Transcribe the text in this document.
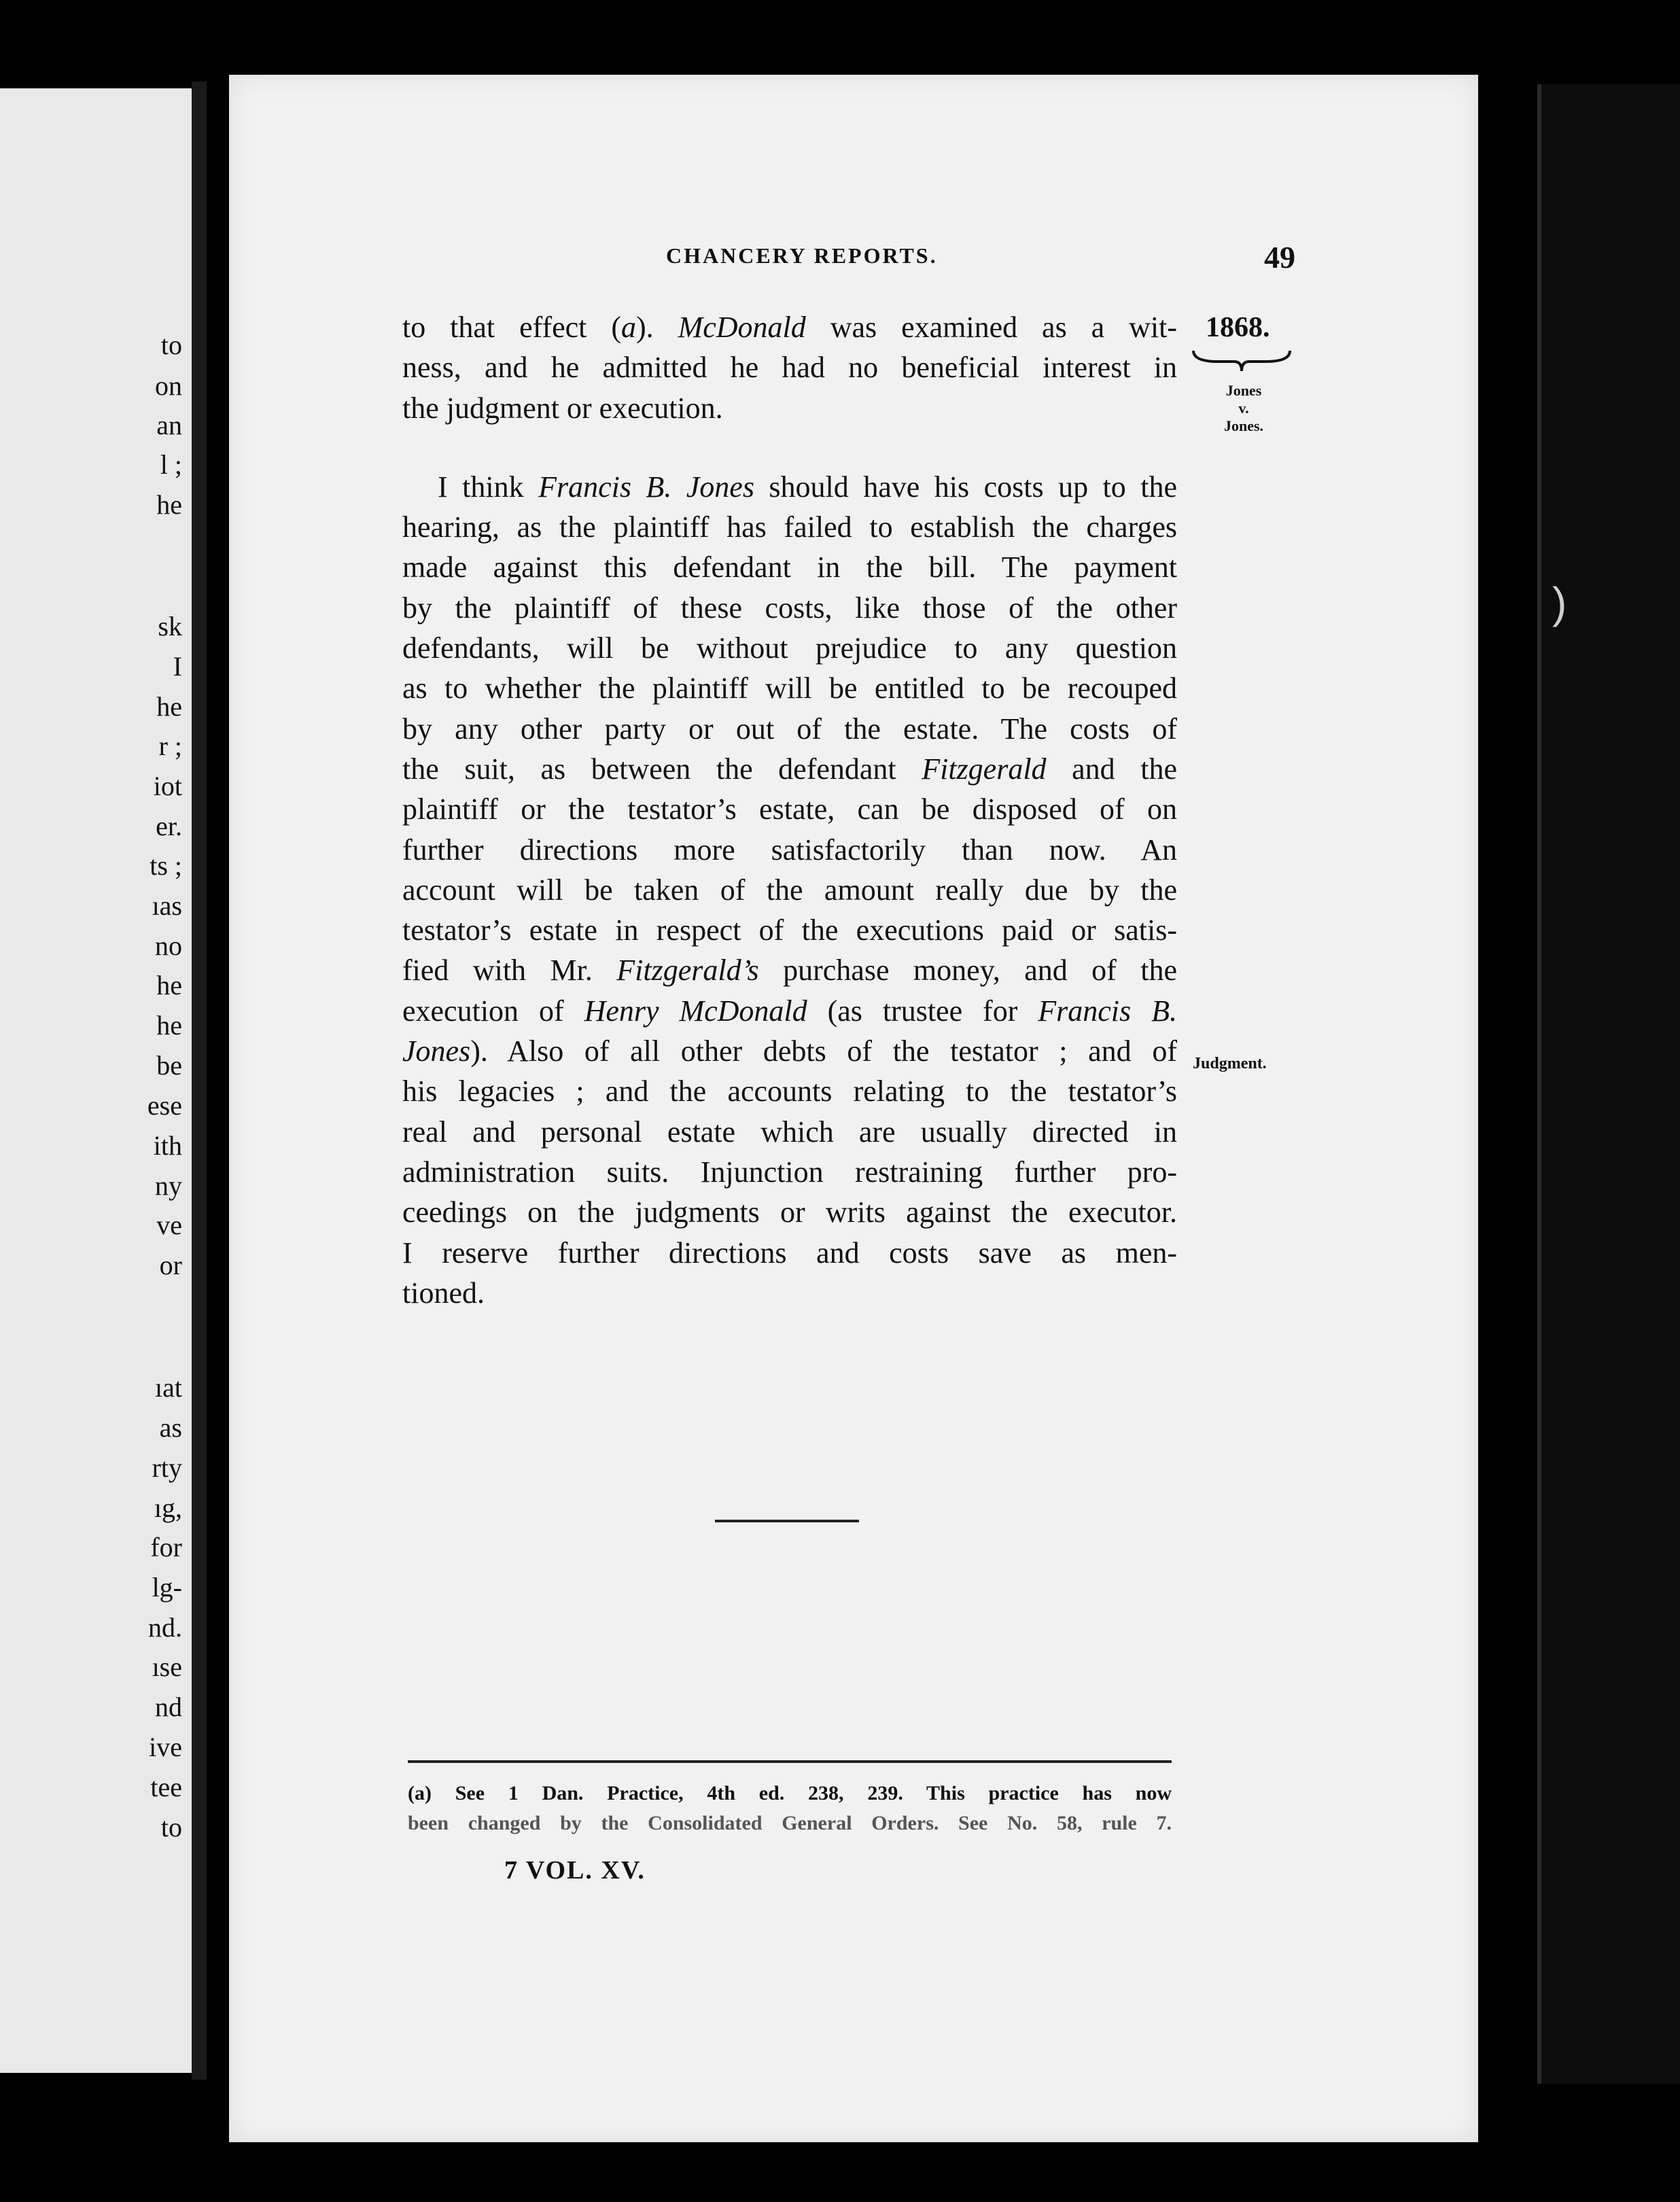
to

on

an

l ;

he

sk

I

he

r ;

iot

er.

ts ;

ıas

no

he

he

be

ese

ith

ny

ve

or

ıat

as

rty

ıg,

for

lg-

nd.

ıse

nd

ive

tee

to

)

CHANCERY REPORTS.	49

1868.

Jones

v.

Jones.

Judgment.

to that effect (a). McDonald was examined as a wit-
ness, and he admitted he had no beneficial interest in
the judgment or execution.
I think Francis B. Jones should have his costs up to the
hearing, as the plaintiff has failed to establish the charges
made against this defendant in the bill. The payment
by the plaintiff of these costs, like those of the other
defendants, will be without prejudice to any question
as to whether the plaintiff will be entitled to be recouped
by any other party or out of the estate. The costs of
the suit, as between the defendant Fitzgerald and the
plaintiff or the testator’s estate, can be disposed of on
further directions more satisfactorily than now. An
account will be taken of the amount really due by the
testator’s estate in respect of the executions paid or satis-
fied with Mr. Fitzgerald’s purchase money, and of the
execution of Henry McDonald (as trustee for Francis B.
Jones). Also of all other debts of the testator ; and of
his legacies ; and the accounts relating to the testator’s
real and personal estate which are usually directed in
administration suits. Injunction restraining further pro-
ceedings on the judgments or writs against the executor.
I reserve further directions and costs save as men-
tioned.

(a) See 1 Dan. Practice, 4th ed. 238, 239. This practice has now

been changed by the Consolidated General Orders. See No. 58, rule 7.

7 VOL. XV.
